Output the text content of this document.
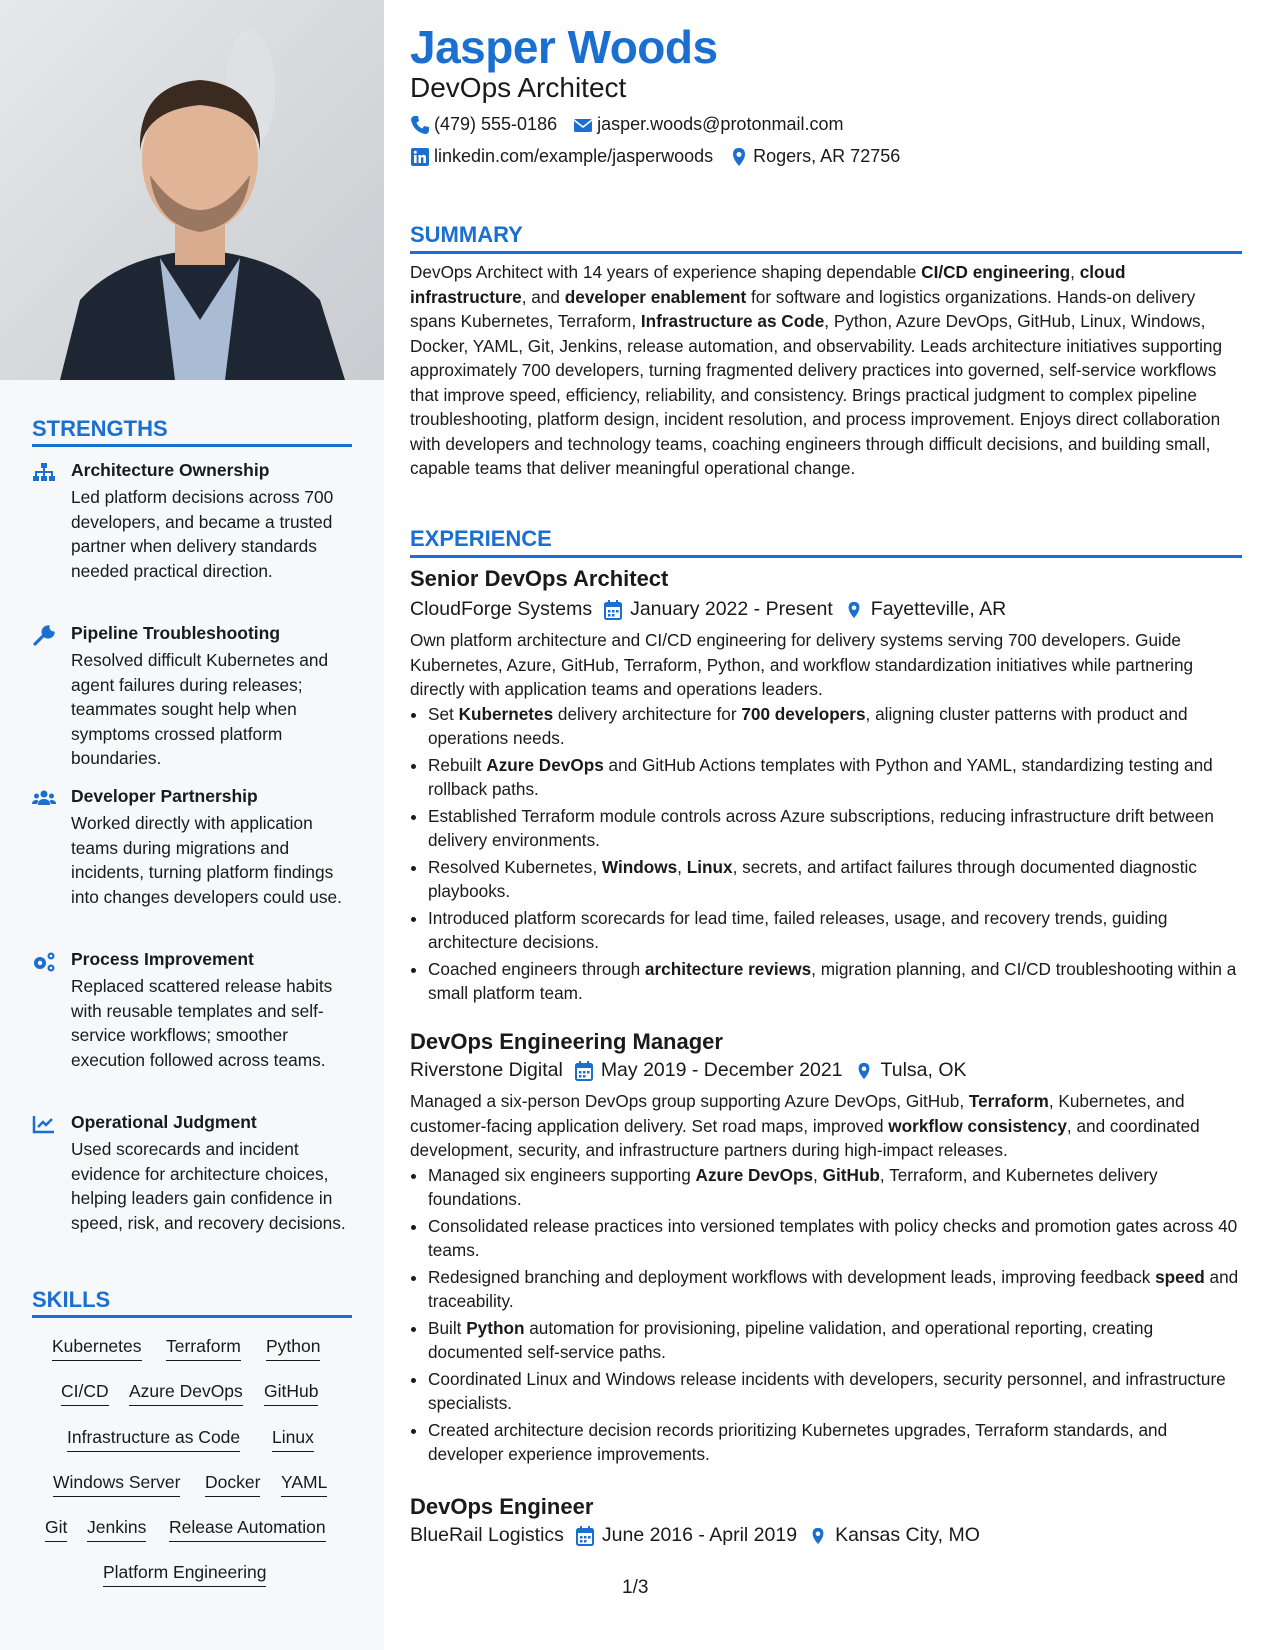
STRENGTHS
Architecture Ownership
Led platform decisions across 700 developers, and became a trusted partner when delivery standards needed practical direction.
Pipeline Troubleshooting
Resolved difficult Kubernetes and agent failures during releases; teammates sought help when symptoms crossed platform boundaries.
Developer Partnership
Worked directly with application teams during migrations and incidents, turning platform findings into changes developers could use.
Process Improvement
Replaced scattered release habits with reusable templates and self-service workflows; smoother execution followed across teams.
Operational Judgment
Used scorecards and incident evidence for architecture choices, helping leaders gain confidence in speed, risk, and recovery decisions.
SKILLS
Kubernetes Terraform Python
CI/CD Azure DevOps GitHub
Infrastructure as Code Linux
Windows Server Docker YAML
Git Jenkins Release Automation
Platform Engineering
Jasper Woods
DevOps Architect
(479) 555-0186 jasper.woods@protonmail.com
linkedin.com/example/jasperwoods Rogers, AR 72756
SUMMARY
DevOps Architect with 14 years of experience shaping dependable CI/CD engineering, cloud infrastructure, and developer enablement for software and logistics organizations. Hands-on delivery spans Kubernetes, Terraform, Infrastructure as Code, Python, Azure DevOps, GitHub, Linux, Windows, Docker, YAML, Git, Jenkins, release automation, and observability. Leads architecture initiatives supporting approximately 700 developers, turning fragmented delivery practices into governed, self-service workflows that improve speed, efficiency, reliability, and consistency. Brings practical judgment to complex pipeline troubleshooting, platform design, incident resolution, and process improvement. Enjoys direct collaboration with developers and technology teams, coaching engineers through difficult decisions, and building small, capable teams that deliver meaningful operational change.
EXPERIENCE
Senior DevOps Architect
CloudForge Systems January 2022 - Present Fayetteville, AR
Own platform architecture and CI/CD engineering for delivery systems serving 700 developers. Guide Kubernetes, Azure, GitHub, Terraform, Python, and workflow standardization initiatives while partnering directly with application teams and operations leaders.
• Set Kubernetes delivery architecture for 700 developers, aligning cluster patterns with product and operations needs.
• Rebuilt Azure DevOps and GitHub Actions templates with Python and YAML, standardizing testing and rollback paths.
• Established Terraform module controls across Azure subscriptions, reducing infrastructure drift between delivery environments.
• Resolved Kubernetes, Windows, Linux, secrets, and artifact failures through documented diagnostic playbooks.
• Introduced platform scorecards for lead time, failed releases, usage, and recovery trends, guiding architecture decisions.
• Coached engineers through architecture reviews, migration planning, and CI/CD troubleshooting within a small platform team.
DevOps Engineering Manager
Riverstone Digital May 2019 - December 2021 Tulsa, OK
Managed a six-person DevOps group supporting Azure DevOps, GitHub, Terraform, Kubernetes, and customer-facing application delivery. Set road maps, improved workflow consistency, and coordinated development, security, and infrastructure partners during high-impact releases.
• Managed six engineers supporting Azure DevOps, GitHub, Terraform, and Kubernetes delivery foundations.
• Consolidated release practices into versioned templates with policy checks and promotion gates across 40 teams.
• Redesigned branching and deployment workflows with development leads, improving feedback speed and traceability.
• Built Python automation for provisioning, pipeline validation, and operational reporting, creating documented self-service paths.
• Coordinated Linux and Windows release incidents with developers, security personnel, and infrastructure specialists.
• Created architecture decision records prioritizing Kubernetes upgrades, Terraform standards, and developer experience improvements.
DevOps Engineer
BlueRail Logistics June 2016 - April 2019 Kansas City, MO
1/3
